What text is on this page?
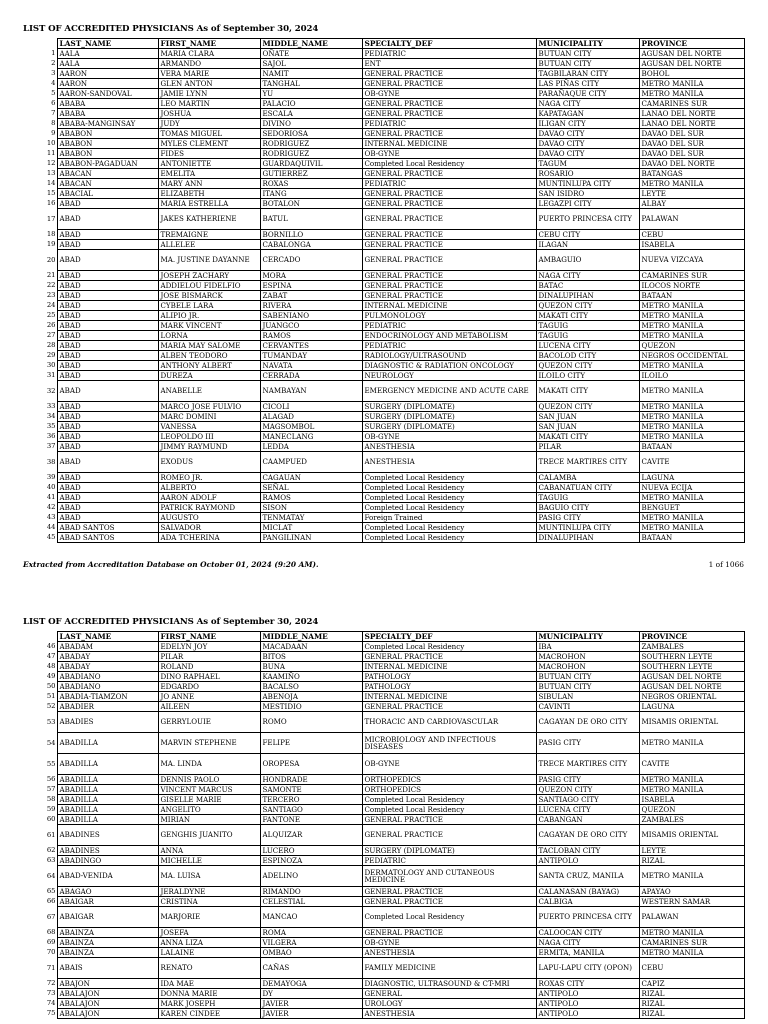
LIST OF ACCREDITED PHYSICIANS As of September 30, 2024
	LAST_NAME	FIRST_NAME	MIDDLE_NAME	SPECIALTY_DEF	MUNICIPALITY	PROVINCE
1	AALA	MARIA CLARA	OÑATE	PEDIATRIC	BUTUAN CITY	AGUSAN DEL NORTE
2	AALA	ARMANDO	SAJOL	ENT	BUTUAN CITY	AGUSAN DEL NORTE
3	AARON	VERA MARIE	NAMIT	GENERAL PRACTICE	TAGBILARAN CITY	BOHOL
4	AARON	GLEN ANTON	TANGHAL	GENERAL PRACTICE	LAS PIÑAS CITY	METRO MANILA
5	AARON-SANDOVAL	JAMIE LYNN	YU	OB-GYNE	PARAÑAQUE CITY	METRO MANILA
6	ABABA	LEO MARTIN	PALACIO	GENERAL PRACTICE	NAGA CITY	CAMARINES SUR
7	ABABA	JOSHUA	ESCALA	GENERAL PRACTICE	KAPATAGAN	LANAO DEL NORTE
8	ABABA-MANGINSAY	JUDY	DIVINO	PEDIATRIC	ILIGAN CITY	LANAO DEL NORTE
9	ABABON	TOMAS MIGUEL	SEDORIOSA	GENERAL PRACTICE	DAVAO CITY	DAVAO DEL SUR
10	ABABON	MYLES CLEMENT	RODRIGUEZ	INTERNAL MEDICINE	DAVAO CITY	DAVAO DEL SUR
11	ABABON	FIDES	RODRIGUEZ	OB-GYNE	DAVAO CITY	DAVAO DEL SUR
12	ABABON-PAGADUAN	ANTONIETTE	GUARDAQUIVIL	Completed Local Residency	TAGUM	DAVAO DEL NORTE
13	ABACAN	EMELITA	GUTIERREZ	GENERAL PRACTICE	ROSARIO	BATANGAS
14	ABACAN	MARY ANN	ROXAS	PEDIATRIC	MUNTINLUPA CITY	METRO MANILA
15	ABACIAL	ELIZABETH	ITANG	GENERAL PRACTICE	SAN ISIDRO	LEYTE
16	ABAD	MARIA ESTRELLA	BOTALON	GENERAL PRACTICE	LEGAZPI CITY	ALBAY
17	ABAD	JAKES KATHERIENE	BATUL	GENERAL PRACTICE	PUERTO PRINCESA CITY	PALAWAN
18	ABAD	TREMAIGNE	BORNILLO	GENERAL PRACTICE	CEBU CITY	CEBU
19	ABAD	ALLELEE	CABALONGA	GENERAL PRACTICE	ILAGAN	ISABELA
20	ABAD	MA. JUSTINE DAYANNE	CERCADO	GENERAL PRACTICE	AMBAGUIO	NUEVA VIZCAYA
21	ABAD	JOSEPH ZACHARY	MORA	GENERAL PRACTICE	NAGA CITY	CAMARINES SUR
22	ABAD	ADDIELOU FIDELFIO	ESPINA	GENERAL PRACTICE	BATAC	ILOCOS NORTE
23	ABAD	JOSE BISMARCK	ZABAT	GENERAL PRACTICE	DINALUPIHAN	BATAAN
24	ABAD	CYBELE LARA	RIVERA	INTERNAL MEDICINE	QUEZON CITY	METRO MANILA
25	ABAD	ALIPIO JR.	SABENIANO	PULMONOLOGY	MAKATI CITY	METRO MANILA
26	ABAD	MARK VINCENT	JUANGCO	PEDIATRIC	TAGUIG	METRO MANILA
27	ABAD	LORNA	RAMOS	ENDOCRINOLOGY AND METABOLISM	TAGUIG	METRO MANILA
28	ABAD	MARIA MAY SALOME	CERVANTES	PEDIATRIC	LUCENA CITY	QUEZON
29	ABAD	ALBEN TEODORO	TUMANDAY	RADIOLOGY/ULTRASOUND	BACOLOD CITY	NEGROS OCCIDENTAL
30	ABAD	ANTHONY ALBERT	NAVATA	DIAGNOSTIC & RADIATION ONCOLOGY	QUEZON CITY	METRO MANILA
31	ABAD	DUREZA	CERRADA	NEUROLOGY	ILOILO CITY	ILOILO
32	ABAD	ANABELLE	NAMBAYAN	EMERGENCY MEDICINE AND ACUTE CARE	MAKATI CITY	METRO MANILA
33	ABAD	MARCO JOSE FULVIO	CICOLI	SURGERY (DIPLOMATE)	QUEZON CITY	METRO MANILA
34	ABAD	MARC DOMINI	ALAGAD	SURGERY (DIPLOMATE)	SAN JUAN	METRO MANILA
35	ABAD	VANESSA	MAGSOMBOL	SURGERY (DIPLOMATE)	SAN JUAN	METRO MANILA
36	ABAD	LEOPOLDO III	MANECLANG	OB-GYNE	MAKATI CITY	METRO MANILA
37	ABAD	JIMMY RAYMUND	LEDDA	ANESTHESIA	PILAR	BATAAN
38	ABAD	EXODUS	CAAMPUED	ANESTHESIA	TRECE MARTIRES CITY	CAVITE
39	ABAD	ROMEO JR.	CAGAUAN	Completed Local Residency	CALAMBA	LAGUNA
40	ABAD	ALBERTO	SEÑAL	Completed Local Residency	CABANATUAN CITY	NUEVA ECIJA
41	ABAD	AARON ADOLF	RAMOS	Completed Local Residency	TAGUIG	METRO MANILA
42	ABAD	PATRICK RAYMOND	SISON	Completed Local Residency	BAGUIO CITY	BENGUET
43	ABAD	AUGUSTO	TENMATAY	Foreign Trained	PASIG CITY	METRO MANILA
44	ABAD SANTOS	SALVADOR	MICLAT	Completed Local Residency	MUNTINLUPA CITY	METRO MANILA
45	ABAD SANTOS	ADA TCHERINA	PANGILINAN	Completed Local Residency	DINALUPIHAN	BATAAN
Extracted from Accreditation Database on October 01, 2024 (9:20 AM).	1 of 1066
LIST OF ACCREDITED PHYSICIANS As of September 30, 2024
	LAST_NAME	FIRST_NAME	MIDDLE_NAME	SPECIALTY_DEF	MUNICIPALITY	PROVINCE
46	ABADAM	EDELYN JOY	MACADAAN	Completed Local Residency	IBA	ZAMBALES
47	ABADAY	PILAR	BITOS	GENERAL PRACTICE	MACROHON	SOUTHERN LEYTE
48	ABADAY	ROLAND	BUNA	INTERNAL MEDICINE	MACROHON	SOUTHERN LEYTE
49	ABADIANO	DINO RAPHAEL	KAAMIÑO	PATHOLOGY	BUTUAN CITY	AGUSAN DEL NORTE
50	ABADIANO	EDGARDO	BACALSO	PATHOLOGY	BUTUAN CITY	AGUSAN DEL NORTE
51	ABADIA-TIAMZON	JO ANNE	ABENOJA	INTERNAL MEDICINE	SIBULAN	NEGROS ORIENTAL
52	ABADIER	AILEEN	MESTIDIO	GENERAL PRACTICE	CAVINTI	LAGUNA
53	ABADIES	GERRYLOUIE	ROMO	THORACIC AND CARDIOVASCULAR	CAGAYAN DE ORO CITY	MISAMIS ORIENTAL
54	ABADILLA	MARVIN STEPHENE	FELIPE	MICROBIOLOGY AND INFECTIOUS DISEASES	PASIG CITY	METRO MANILA
55	ABADILLA	MA. LINDA	OROPESA	OB-GYNE	TRECE MARTIRES CITY	CAVITE
56	ABADILLA	DENNIS PAOLO	HONDRADE	ORTHOPEDICS	PASIG CITY	METRO MANILA
57	ABADILLA	VINCENT MARCUS	SAMONTE	ORTHOPEDICS	QUEZON CITY	METRO MANILA
58	ABADILLA	GISELLE MARIE	TERCERO	Completed Local Residency	SANTIAGO CITY	ISABELA
59	ABADILLA	ANGELITO	SANTIAGO	Completed Local Residency	LUCENA CITY	QUEZON
60	ABADILLA	MIRIAN	FANTONE	GENERAL PRACTICE	CABANGAN	ZAMBALES
61	ABADINES	GENGHIS JUANITO	ALQUIZAR	GENERAL PRACTICE	CAGAYAN DE ORO CITY	MISAMIS ORIENTAL
62	ABADINES	ANNA	LUCERO	SURGERY (DIPLOMATE)	TACLOBAN CITY	LEYTE
63	ABADINGO	MICHELLE	ESPINOZA	PEDIATRIC	ANTIPOLO	RIZAL
64	ABAD-VENIDA	MA. LUISA	ADELINO	DERMATOLOGY AND CUTANEOUS MEDICINE	SANTA CRUZ, MANILA	METRO MANILA
65	ABAGAO	JERALDYNE	RIMANDO	GENERAL PRACTICE	CALANASAN (BAYAG)	APAYAO
66	ABAIGAR	CRISTINA	CELESTIAL	GENERAL PRACTICE	CALBIGA	WESTERN SAMAR
67	ABAIGAR	MARJORIE	MANCAO	Completed Local Residency	PUERTO PRINCESA CITY	PALAWAN
68	ABAINZA	JOSEFA	ROMA	GENERAL PRACTICE	CALOOCAN CITY	METRO MANILA
69	ABAINZA	ANNA LIZA	VILGERA	OB-GYNE	NAGA CITY	CAMARINES SUR
70	ABAINZA	LALAINE	OMBAO	ANESTHESIA	ERMITA, MANILA	METRO MANILA
71	ABAIS	RENATO	CAÑAS	FAMILY MEDICINE	LAPU-LAPU CITY (OPON)	CEBU
72	ABAJON	IDA MAE	DEMAYOGA	DIAGNOSTIC, ULTRASOUND & CT-MRI	ROXAS CITY	CAPIZ
73	ABALAJON	DONNA MARIE	DY	GENERAL	ANTIPOLO	RIZAL
74	ABALAJON	MARK JOSEPH	JAVIER	UROLOGY	ANTIPOLO	RIZAL
75	ABALAJON	KAREN CINDEE	JAVIER	ANESTHESIA	ANTIPOLO	RIZAL
